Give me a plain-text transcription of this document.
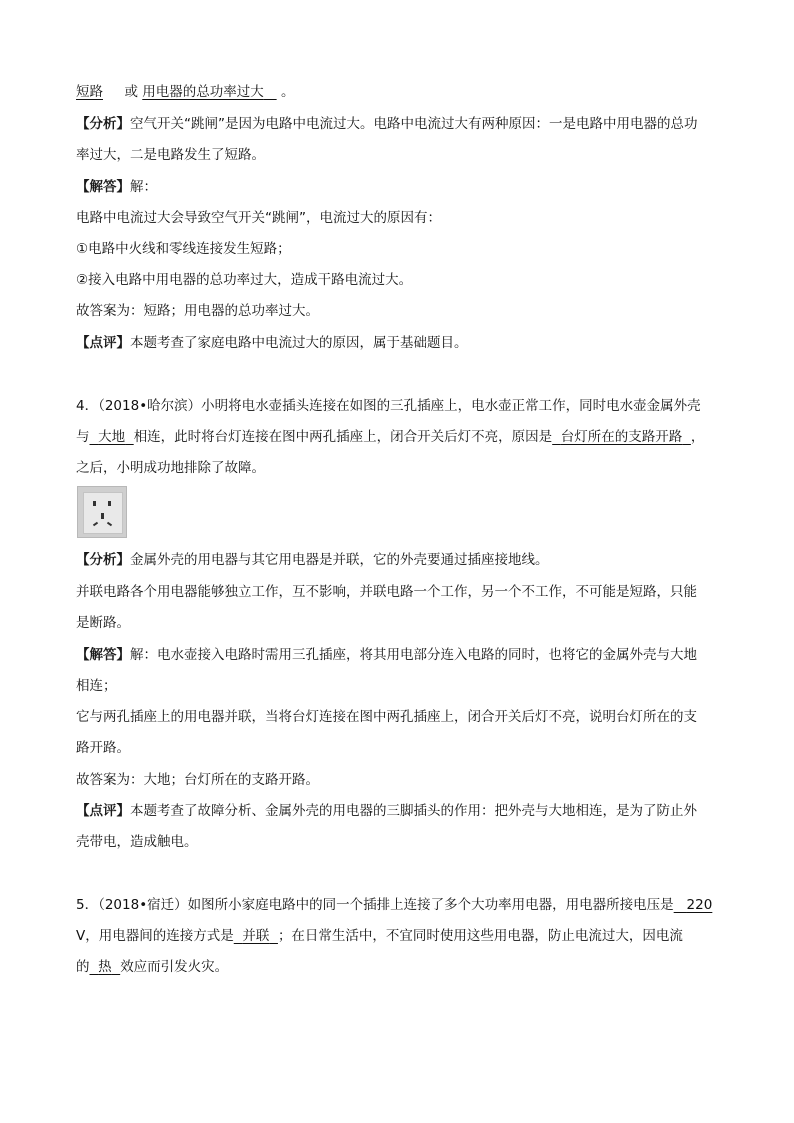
短路 或 用电器的总功率过大 。
【分析】空气开关“跳闸”是因为电路中电流过大。电路中电流过大有两种原因：一是电路中用电器的总功
率过大，二是电路发生了短路。
【解答】解：
电路中电流过大会导致空气开关“跳闸”，电流过大的原因有：
①电路中火线和零线连接发生短路；
②接入电路中用电器的总功率过大，造成干路电流过大。
故答案为：短路；用电器的总功率过大。
【点评】本题考查了家庭电路中电流过大的原因，属于基础题目。
4．（2018•哈尔滨）小明将电水壶插头连接在如图的三孔插座上，电水壶正常工作，同时电水壶金属外壳
与 大地 相连，此时将台灯连接在图中两孔插座上，闭合开关后灯不亮，原因是 台灯所在的支路开路 ，
之后，小明成功地排除了故障。
【分析】金属外壳的用电器与其它用电器是并联，它的外壳要通过插座接地线。
并联电路各个用电器能够独立工作，互不影响，并联电路一个工作，另一个不工作，不可能是短路，只能
是断路。
【解答】解：电水壶接入电路时需用三孔插座，将其用电部分连入电路的同时，也将它的金属外壳与大地
相连；
它与两孔插座上的用电器并联，当将台灯连接在图中两孔插座上，闭合开关后灯不亮，说明台灯所在的支
路开路。
故答案为：大地；台灯所在的支路开路。
【点评】本题考查了故障分析、金属外壳的用电器的三脚插头的作用：把外壳与大地相连，是为了防止外
壳带电，造成触电。
5．（2018•宿迁）如图所小家庭电路中的同一个插排上连接了多个大功率用电器，用电器所接电压是 220
V，用电器间的连接方式是 并联 ；在日常生活中，不宜同时使用这些用电器，防止电流过大，因电流
的 热 效应而引发火灾。
